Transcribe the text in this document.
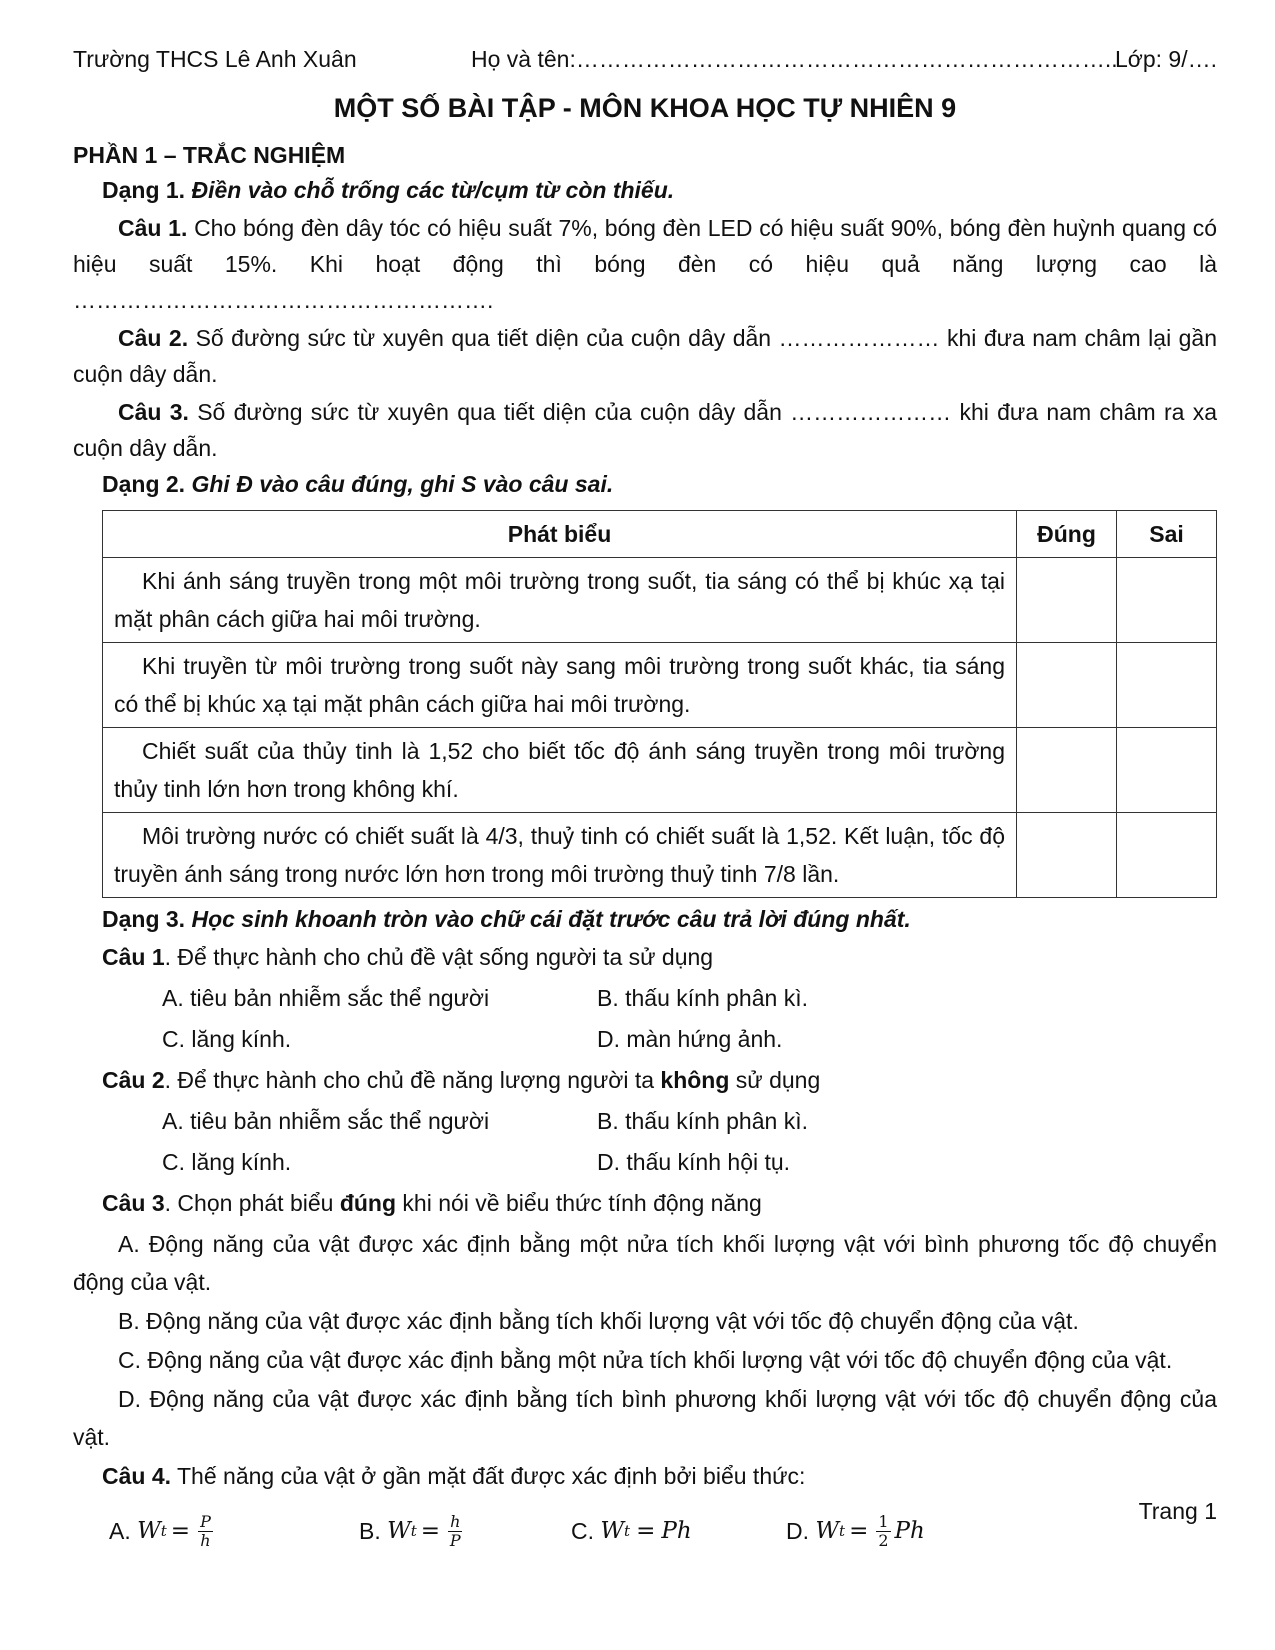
Trường THCS Lê Anh Xuân	Họ và tên:……………………………………………………………..
Lớp: 9/….
MỘT SỐ BÀI TẬP - MÔN KHOA HỌC TỰ NHIÊN 9
PHẦN 1 – TRẮC NGHIỆM
Dạng 1. Điền vào chỗ trống các từ/cụm từ còn thiếu.
Câu 1. Cho bóng đèn dây tóc có hiệu suất 7%, bóng đèn LED có hiệu suất 90%, bóng đèn huỳnh quang có hiệu suất 15%. Khi hoạt động thì bóng đèn có hiệu quả năng lượng cao là ……………………………………………….
Câu 2. Số đường sức từ xuyên qua tiết diện của cuộn dây dẫn ………………… khi đưa nam châm lại gần cuộn dây dẫn.
Câu 3. Số đường sức từ xuyên qua tiết diện của cuộn dây dẫn ………………… khi đưa nam châm ra xa cuộn dây dẫn.
Dạng 2. Ghi Đ vào câu đúng, ghi S vào câu sai.
Phát biểu	Đúng	Sai
Khi ánh sáng truyền trong một môi trường trong suốt, tia sáng có thể bị khúc xạ tại mặt phân cách giữa hai môi trường.		
Khi truyền từ môi trường trong suốt này sang môi trường trong suốt khác, tia sáng có thể bị khúc xạ tại mặt phân cách giữa hai môi trường.		
Chiết suất của thủy tinh là 1,52 cho biết tốc độ ánh sáng truyền trong môi trường thủy tinh lớn hơn trong không khí.		
Môi trường nước có chiết suất là 4/3, thuỷ tinh có chiết suất là 1,52. Kết luận, tốc độ truyền ánh sáng trong nước lớn hơn trong môi trường thuỷ tinh 7/8 lần.		
Dạng 3. Học sinh khoanh tròn vào chữ cái đặt trước câu trả lời đúng nhất.
Câu 1. Để thực hành cho chủ đề vật sống người ta sử dụng
A. tiêu bản nhiễm sắc thể người	B. thấu kính phân kì.
C. lăng kính.	D. màn hứng ảnh.
Câu 2. Để thực hành cho chủ đề năng lượng người ta không sử dụng
A. tiêu bản nhiễm sắc thể người	B. thấu kính phân kì.
C. lăng kính.	D. thấu kính hội tụ.
Câu 3. Chọn phát biểu đúng khi nói về biểu thức tính động năng
A. Động năng của vật được xác định bằng một nửa tích khối lượng vật với bình phương tốc độ chuyển động của vật.
B. Động năng của vật được xác định bằng tích khối lượng vật với tốc độ chuyển động của vật.
C. Động năng của vật được xác định bằng một nửa tích khối lượng vật với tốc độ chuyển động của vật.
D. Động năng của vật được xác định bằng tích bình phương khối lượng vật với tốc độ chuyển động của vật.
Câu 4. Thế năng của vật ở gần mặt đất được xác định bởi biểu thức:
A.
W $t = \frac{P}{h}$	B.
W $t = \frac{h}{P}$	C.
W t = Ph	D.
W $t = \frac{1}{2}$ Ph
Trang 1
